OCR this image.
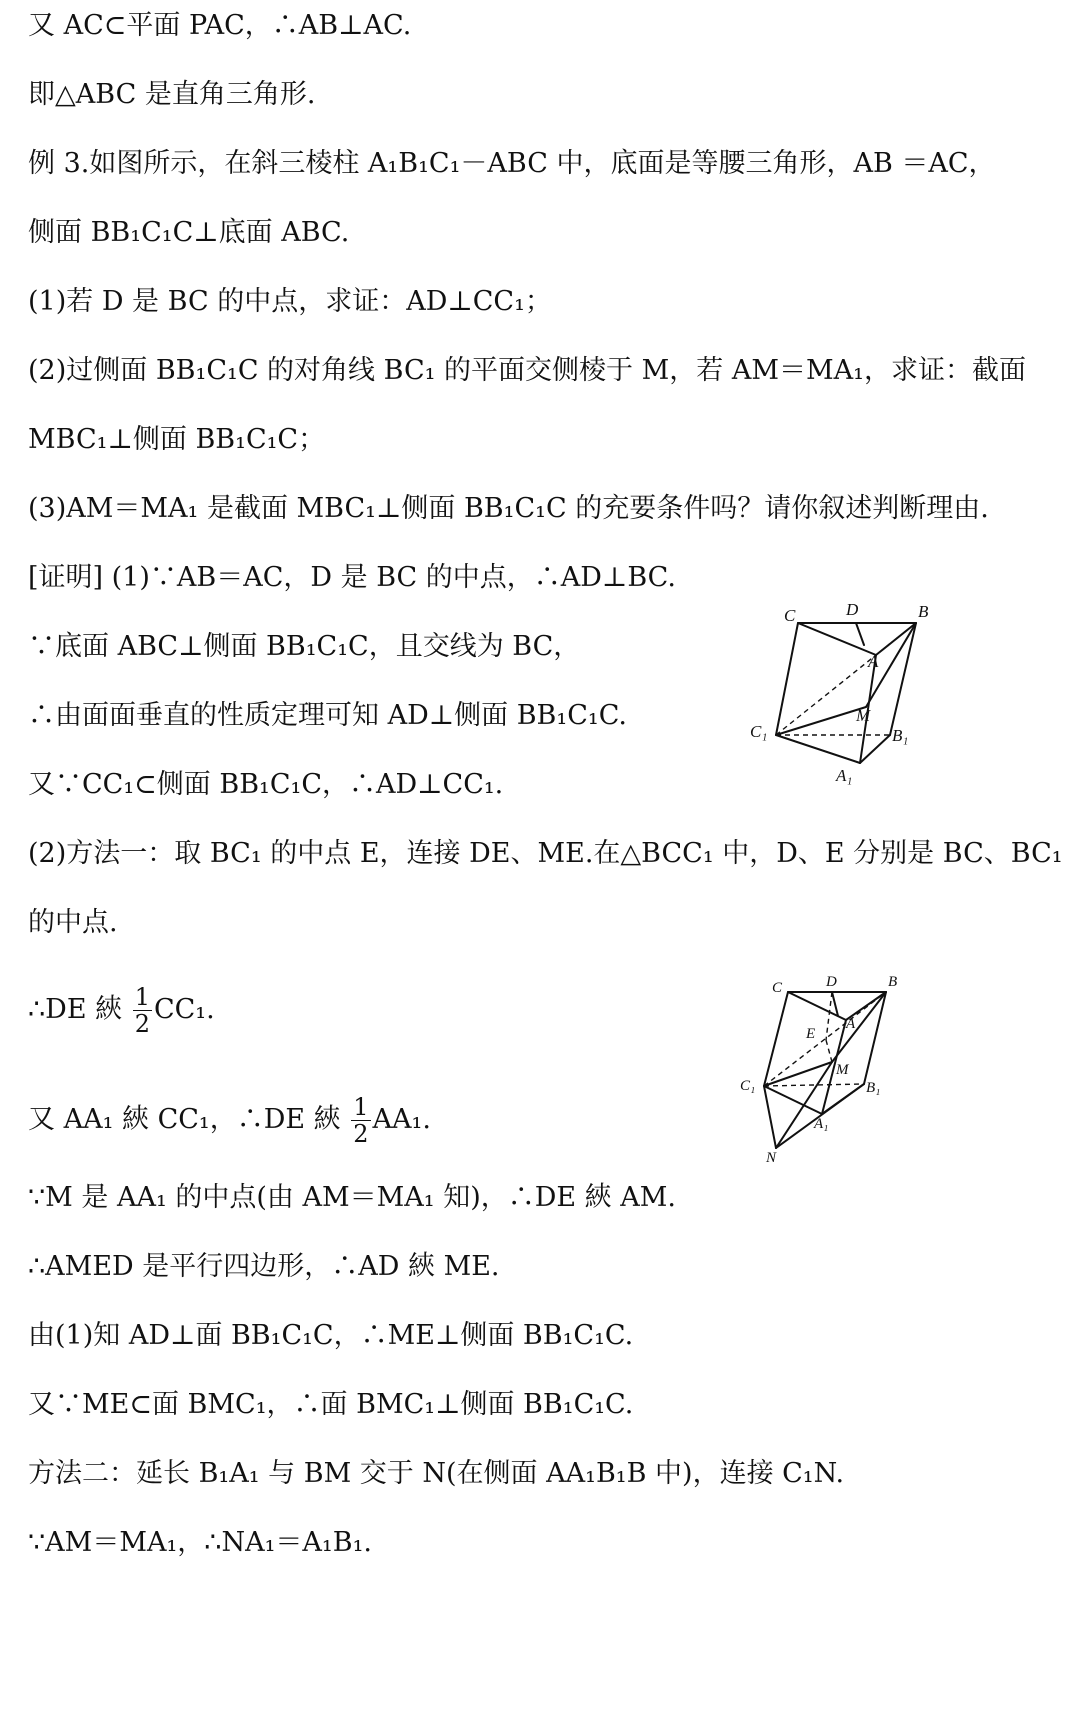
又 AC⊂平面 PAC，∴AB⊥AC.
即△ABC 是直角三角形.
例 3.如图所示，在斜三棱柱 A₁B₁C₁－ABC 中，底面是等腰三角形，AB ＝AC，
侧面 BB₁C₁C⊥底面 ABC.
(1)若 D 是 BC 的中点，求证：AD⊥CC₁；
(2)过侧面 BB₁C₁C 的对角线 BC₁ 的平面交侧棱于 M，若 AM＝MA₁，求证：截面
MBC₁⊥侧面 BB₁C₁C；
(3)AM＝MA₁ 是截面 MBC₁⊥侧面 BB₁C₁C 的充要条件吗？请你叙述判断理由.
[证明] (1)∵AB＝AC，D 是 BC 的中点，∴AD⊥BC.
∵底面 ABC⊥侧面 BB₁C₁C，且交线为 BC，
∴由面面垂直的性质定理可知 AD⊥侧面 BB₁C₁C.
又∵CC₁⊂侧面 BB₁C₁C，∴AD⊥CC₁.
(2)方法一：取 BC₁ 的中点 E，连接 DE、ME.在△BCC₁ 中，D、E 分别是 BC、BC₁
的中点.
∴DE 綊 $\frac{1}{2} CC_1$.
又 AA₁ 綊 CC₁，∴DE 綊 $\frac{1}{2} AA_1$.
∵M 是 AA₁ 的中点(由 AM＝MA₁ 知)，∴DE 綊 AM.
∴AMED 是平行四边形，∴AD 綊 ME.
由(1)知 AD⊥面 BB₁C₁C，∴ME⊥侧面 BB₁C₁C.
又∵ME⊂面 BMC₁，∴面 BMC₁⊥侧面 BB₁C₁C.
方法二：延长 B₁A₁ 与 BM 交于 N(在侧面 AA₁B₁B 中)，连接 C₁N.
∵AM＝MA₁，∴NA₁＝A₁B₁.
C	D	B
A
C₁
M
B₁
A₁
C	D	B
E
A
C₁
M
B₁
A₁
N
